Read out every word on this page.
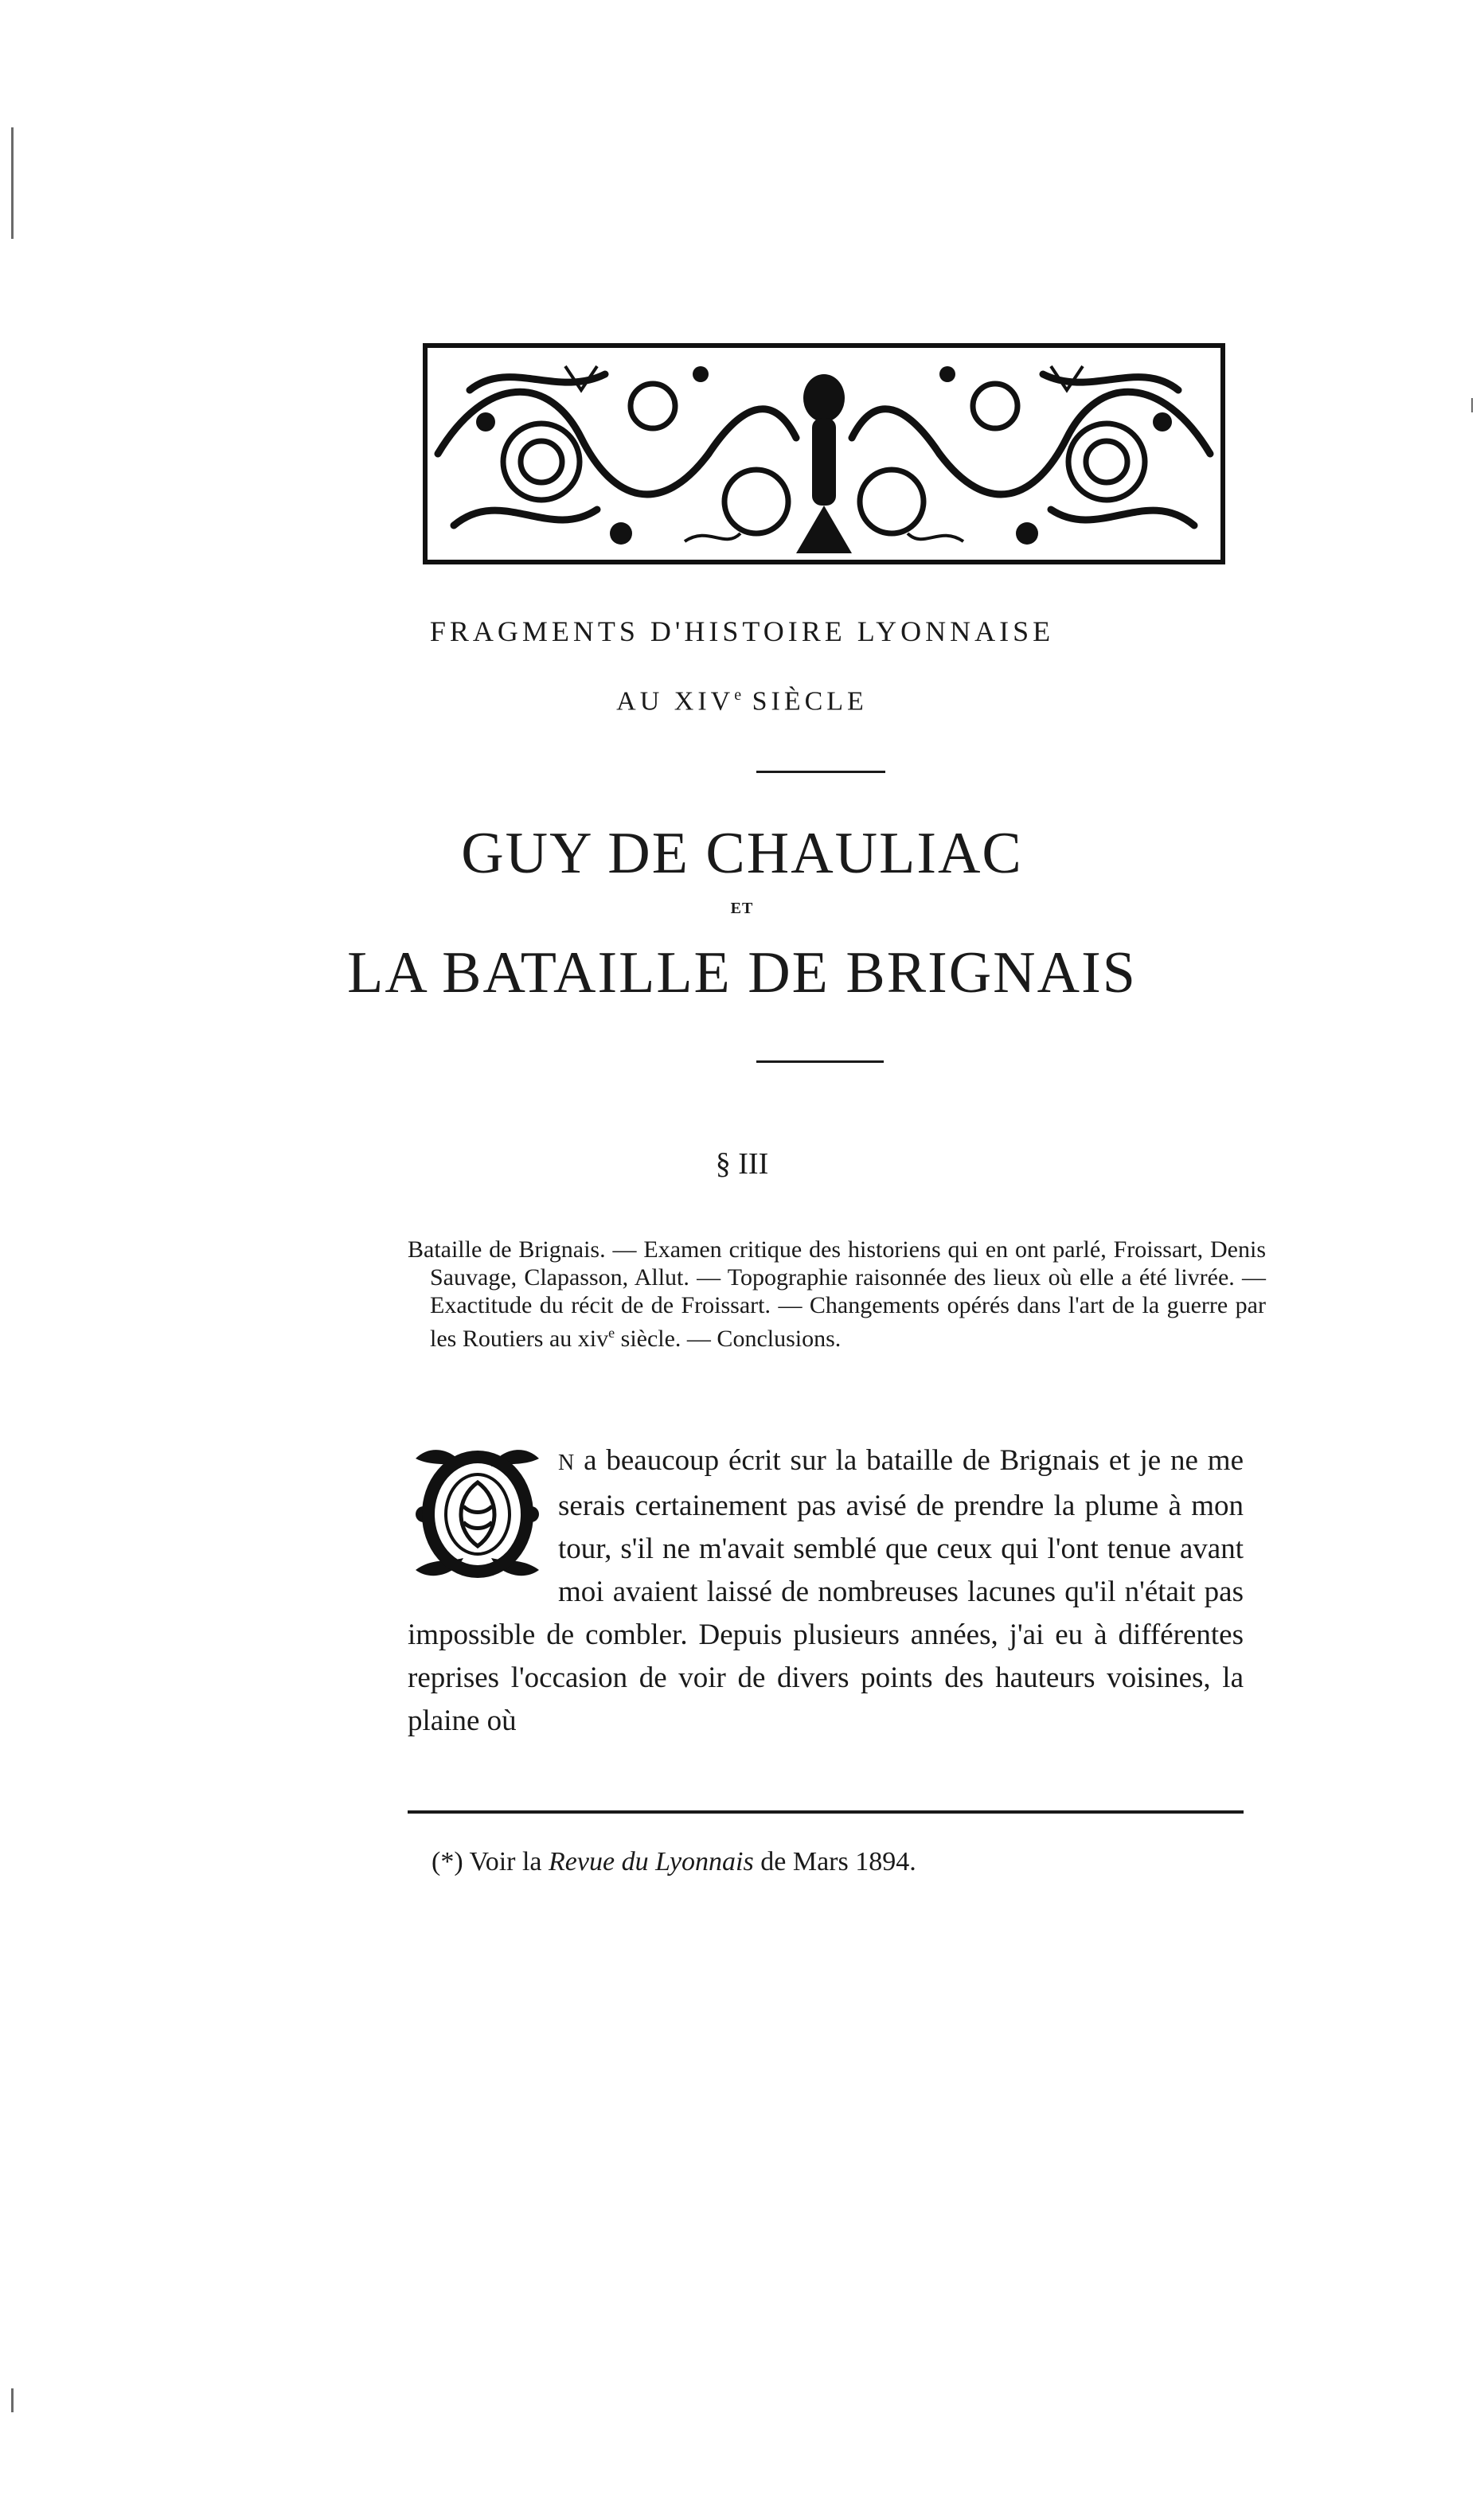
FRAGMENTS D'HISTOIRE LYONNAISE
AU XIVe SIÈCLE
GUY DE CHAULIAC
ET
LA BATAILLE DE BRIGNAIS
§ III
Bataille de Brignais. — Examen critique des historiens qui en ont parlé, Froissart, Denis Sauvage, Clapasson, Allut. — Topographie raisonnée des lieux où elle a été livrée. — Exactitude du récit de de Froissart. — Changements opérés dans l'art de la guerre par les Routiers au xiv$^e$ siècle. — Conclusions.
N a beaucoup écrit sur la bataille de Brignais et je ne me serais certainement pas avisé de prendre la plume à mon tour, s'il ne m'avait semblé que ceux qui l'ont tenue avant moi avaient laissé de nombreuses lacunes qu'il n'était pas impossible de combler. Depuis plusieurs années, j'ai eu à différentes reprises l'occasion de voir de divers points des hauteurs voisines, la plaine où
(*) Voir la Revue du Lyonnais de Mars 1894.
